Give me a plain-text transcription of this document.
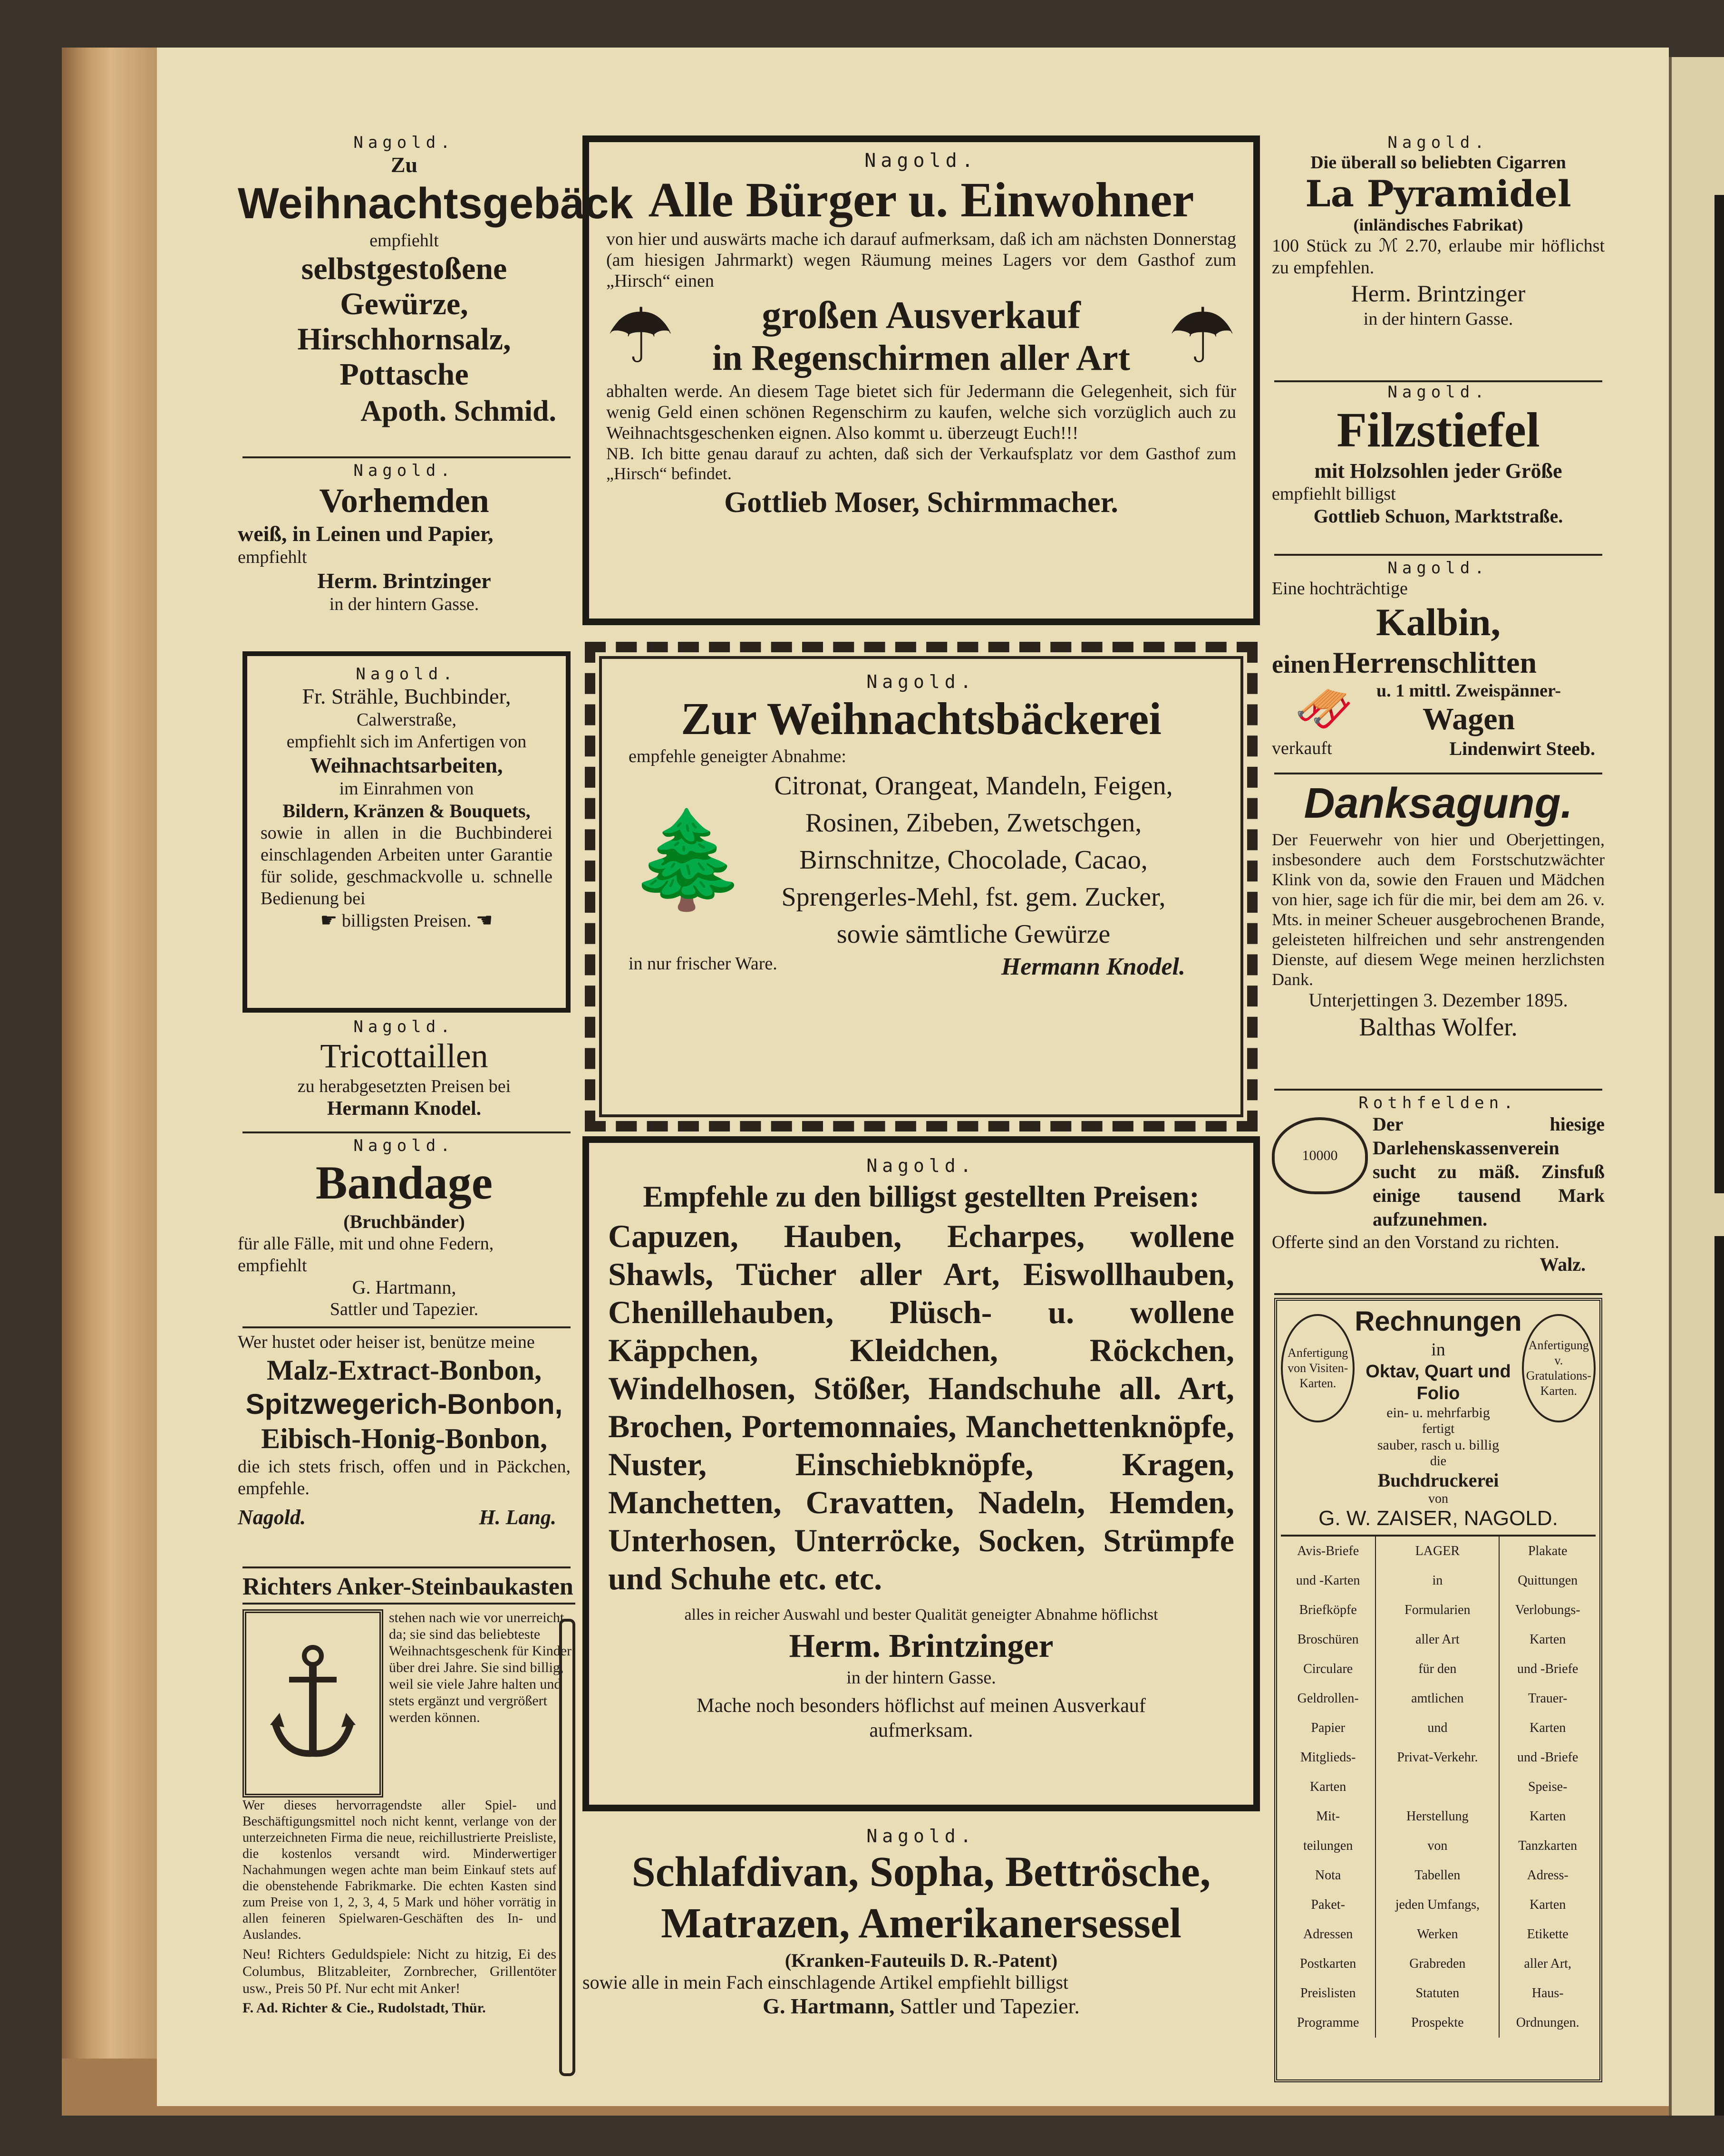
Nagold.
Zu
Weihnachtsgebäck
empfiehlt
selbstgestoßene Gewürze,
Hirschhornsalz,
Pottasche
Apoth. Schmid.
Nagold.
Vorhemden
weiß, in Leinen und Papier,
empfiehlt
Herm. Brintzinger
in der hintern Gasse.
Nagold.
Fr. Strähle, Buchbinder,
Calwerstraße,
empfiehlt sich im Anfertigen von
Weihnachtsarbeiten,
im Einrahmen von
Bildern, Kränzen & Bouquets,
sowie in allen in die Buchbinderei einschlagenden Arbeiten unter Garantie für solide, geschmackvolle u. schnelle Bedienung bei
☛ billigsten Preisen. ☚
Nagold.
Tricottaillen
zu herabgesetzten Preisen bei
Hermann Knodel.
Nagold.
Bandage
(Bruchbänder)
für alle Fälle, mit und ohne Federn,
empfiehlt
G. Hartmann,
Sattler und Tapezier.
Wer hustet oder heiser ist, benütze meine
Malz-Extract-Bonbon,
Spitzwegerich-Bonbon,
Eibisch-Honig-Bonbon,
die ich stets frisch, offen und in Päckchen, empfehle.
Nagold.	H. Lang.
Richters Anker-Steinbaukasten
stehen nach wie vor unerreicht da; sie sind das beliebteste Weihnachtsgeschenk für Kinder über drei Jahre. Sie sind billig, weil sie viele Jahre halten und stets ergänzt und vergrößert werden können.
Wer dieses hervorragendste aller Spiel- und Beschäftigungsmittel noch nicht kennt, verlange von der unterzeichneten Firma die neue, reichillustrierte Preisliste, die kostenlos versandt wird. Minderwertiger Nachahmungen wegen achte man beim Einkauf stets auf die obenstehende Fabrikmarke. Die echten Kasten sind zum Preise von 1, 2, 3, 4, 5 Mark und höher vorrätig in allen feineren Spielwaren-Geschäften des In- und Auslandes.
Neu! Richters Geduldspiele: Nicht zu hitzig, Ei des Columbus, Blitzableiter, Zornbrecher, Grillentöter usw., Preis 50 Pf. Nur echt mit Anker!
F. Ad. Richter & Cie., Rudolstadt, Thür.
Nagold.
Alle Bürger u. Einwohner
von hier und auswärts mache ich darauf aufmerksam, daß ich am nächsten Donnerstag (am hiesigen Jahrmarkt) wegen Räumung meines Lagers vor dem Gasthof zum „Hirsch“ einen
☂	großen Ausverkauf
in Regenschirmen aller Art ☂
abhalten werde. An diesem Tage bietet sich für Jedermann die Gelegenheit, sich für wenig Geld einen schönen Regenschirm zu kaufen, welche sich vorzüglich auch zu Weihnachtsgeschenken eignen. Also kommt u. überzeugt Euch!!!
NB. Ich bitte genau darauf zu achten, daß sich der Verkaufsplatz vor dem Gasthof zum „Hirsch“ befindet.
Gottlieb Moser, Schirmmacher.
Nagold.
Zur Weihnachtsbäckerei
empfehle geneigter Abnahme:
🌲
Citronat, Orangeat, Mandeln, Feigen,
Rosinen, Zibeben, Zwetschgen,
Birnschnitze, Chocolade, Cacao,
Sprengerles-Mehl, fst. gem. Zucker,
sowie sämtliche Gewürze
in nur frischer Ware.	Hermann Knodel.
Nagold.
Empfehle zu den billigst gestellten Preisen:
Capuzen, Hauben, Echarpes, wollene Shawls, Tücher aller Art, Eiswollhauben, Chenillehauben, Plüsch- u. wollene Käppchen, Kleidchen, Röckchen, Windelhosen, Stößer, Handschuhe all. Art, Brochen, Portemonnaies, Manchettenknöpfe, Nuster, Einschiebknöpfe, Kragen, Manchetten, Cravatten, Nadeln, Hemden, Unterhosen, Unterröcke, Socken, Strümpfe und Schuhe etc. etc.
alles in reicher Auswahl und bester Qualität geneigter Abnahme höflichst
Herm. Brintzinger
in der hintern Gasse.
Mache noch besonders höflichst auf meinen Ausverkauf aufmerksam.
Nagold.
Schlafdivan, Sopha, Bettrösche,
Matrazen, Amerikanersessel
(Kranken-Fauteuils D. R.-Patent)
sowie alle in mein Fach einschlagende Artikel empfiehlt billigst
G. Hartmann, Sattler und Tapezier.
Nagold.
Die überall so beliebten Cigarren
La Pyramidel
(inländisches Fabrikat)
100 Stück zu ℳ 2.70, erlaube mir höflichst zu empfehlen.
Herm. Brintzinger
in der hintern Gasse.
Nagold.
Filzstiefel
mit Holzsohlen jeder Größe
empfiehlt billigst
Gottlieb Schuon, Marktstraße.
Nagold.
Eine hochträchtige
Kalbin,
einen Herrenschlitten
🛷	u. 1 mittl. Zweispänner-
Wagen
verkauft	Lindenwirt Steeb.
Danksagung.
Der Feuerwehr von hier und Oberjettingen, insbesondere auch dem Forstschutzwächter Klink von da, sowie den Frauen und Mädchen von hier, sage ich für die mir, bei dem am 26. v. Mts. in meiner Scheuer ausgebrochenen Brande, geleisteten hilfreichen und sehr anstrengenden Dienste, auf diesem Wege meinen herzlichsten Dank.
Unterjettingen 3. Dezember 1895.
Balthas Wolfer.
Rothfelden.
10000
Der hiesige Darlehenskassenverein sucht zu mäß. Zinsfuß einige tausend Mark aufzunehmen.
Offerte sind an den Vorstand zu richten.
Walz.
Anfertigung von Visiten-Karten.
Rechnungen
in
Oktav, Quart und Folio
ein- u. mehrfarbig
fertigt
sauber, rasch u. billig
die
Anfertigung v. Gratulations-Karten.
Buchdruckerei
von
G. W. ZAISER, NAGOLD.
Avis-Briefe	LAGER	Plakate
und -Karten	in	Quittungen
Briefköpfe	Formularien	Verlobungs-
Broschüren	aller Art	Karten
Circulare	für den	und -Briefe
Geldrollen-	amtlichen	Trauer-
Papier	und	Karten
Mitglieds-	Privat-Verkehr.	und -Briefe
Karten		Speise-
Mit-	Herstellung	Karten
teilungen	von	Tanzkarten
Nota	Tabellen	Adress-
Paket-	jeden Umfangs,	Karten
Adressen	Werken	Etikette
Postkarten	Grabreden	aller Art,
Preislisten	Statuten	Haus-
Programme	Prospekte	Ordnungen.
